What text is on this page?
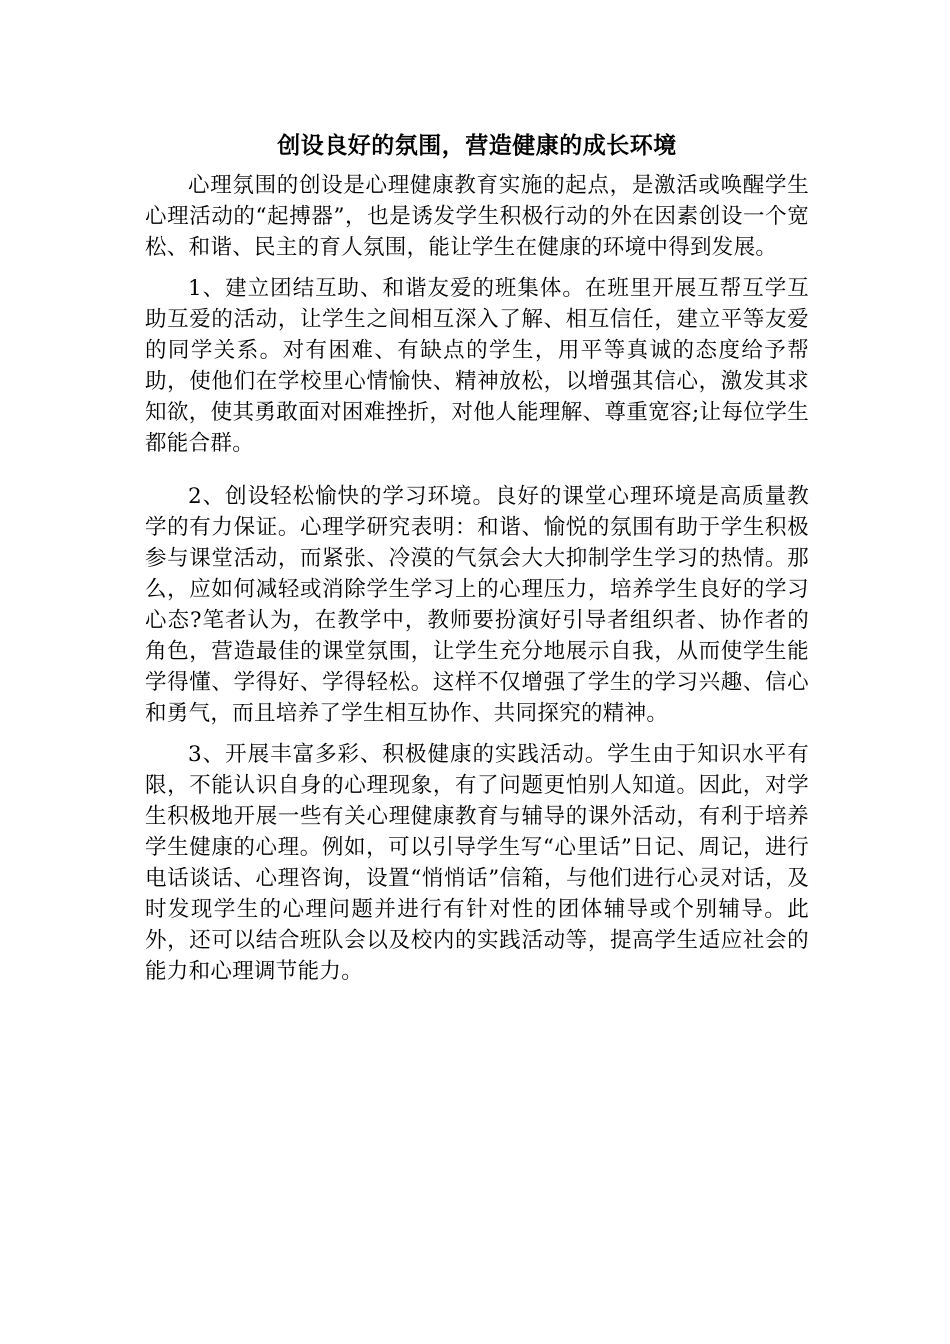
创设良好的氛围，营造健康的成长环境

心理氛围的创设是心理健康教育实施的起点，是激活或唤醒学生心理活动的“起搏器”，也是诱发学生积极行动的外在因素创设一个宽松、和谐、民主的育人氛围，能让学生在健康的环境中得到发展。

1、建立团结互助、和谐友爱的班集体。在班里开展互帮互学互助互爱的活动，让学生之间相互深入了解、相互信任，建立平等友爱的同学关系。对有困难、有缺点的学生，用平等真诚的态度给予帮助，使他们在学校里心情愉快、精神放松，以增强其信心，激发其求知欲，使其勇敢面对困难挫折，对他人能理解、尊重宽容;让每位学生都能合群。

2、创设轻松愉快的学习环境。良好的课堂心理环境是高质量教学的有力保证。心理学研究表明：和谐、愉悦的氛围有助于学生积极参与课堂活动，而紧张、冷漠的气氛会大大抑制学生学习的热情。那么，应如何减轻或消除学生学习上的心理压力，培养学生良好的学习心态?笔者认为，在教学中，教师要扮演好引导者组织者、协作者的角色，营造最佳的课堂氛围，让学生充分地展示自我，从而使学生能学得懂、学得好、学得轻松。这样不仅增强了学生的学习兴趣、信心和勇气，而且培养了学生相互协作、共同探究的精神。

3、开展丰富多彩、积极健康的实践活动。学生由于知识水平有限，不能认识自身的心理现象，有了问题更怕别人知道。因此，对学生积极地开展一些有关心理健康教育与辅导的课外活动，有利于培养学生健康的心理。例如，可以引导学生写“心里话”日记、周记，进行电话谈话、心理咨询，设置“悄悄话”信箱，与他们进行心灵对话，及时发现学生的心理问题并进行有针对性的团体辅导或个别辅导。此外，还可以结合班队会以及校内的实践活动等，提高学生适应社会的能力和心理调节能力。
